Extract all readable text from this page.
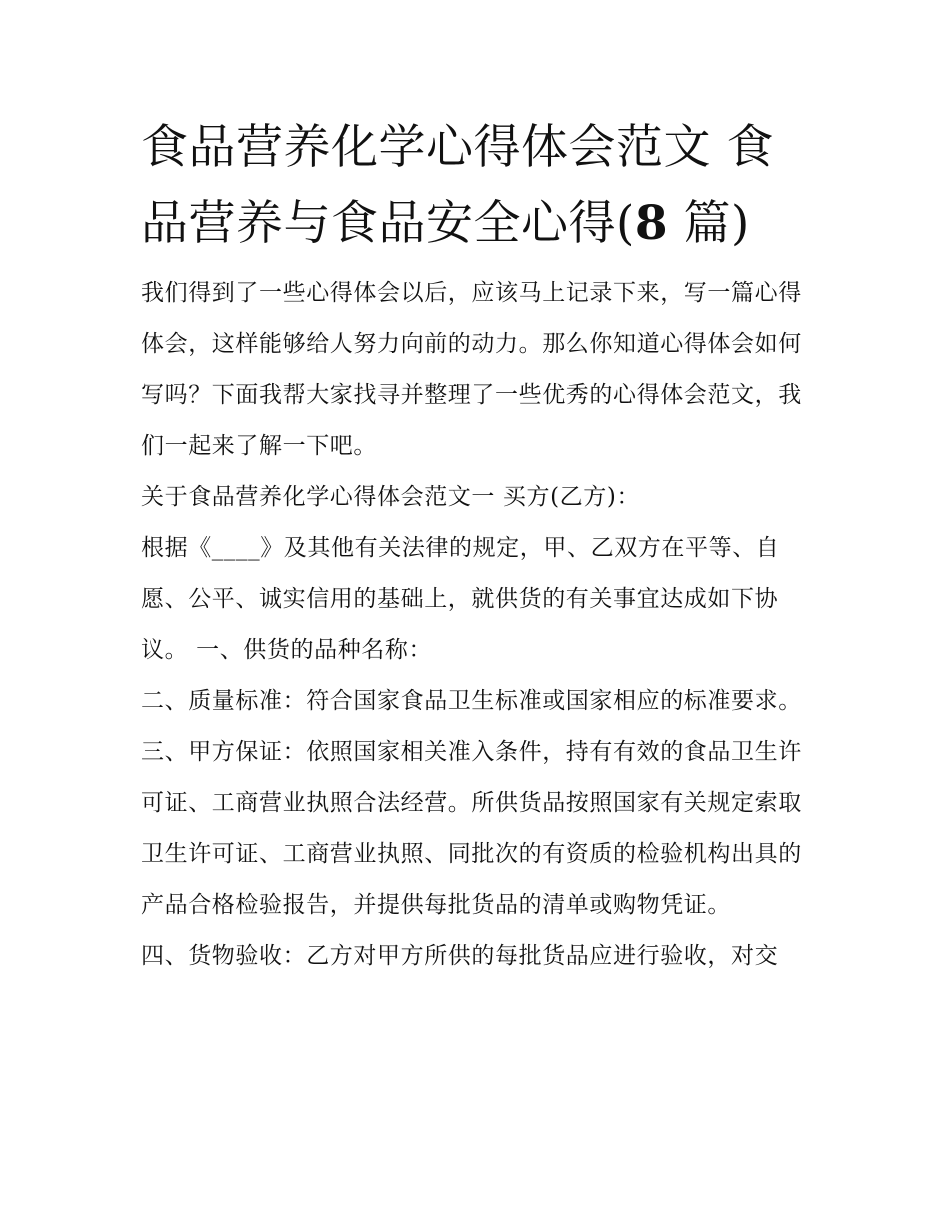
食品营养化学心得体会范文 食品营养与食品安全心得(8 篇)

我们得到了一些心得体会以后，应该马上记录下来，写一篇心得体会，这样能够给人努力向前的动力。那么你知道心得体会如何写吗？下面我帮大家找寻并整理了一些优秀的心得体会范文，我们一起来了解一下吧。

关于食品营养化学心得体会范文一 买方(乙方)：

根据《____》及其他有关法律的规定，甲、乙双方在平等、自愿、公平、诚实信用的基础上，就供货的有关事宜达成如下协议。 一、供货的品种名称：

二、质量标准：符合国家食品卫生标准或国家相应的标准要求。

三、甲方保证：依照国家相关准入条件，持有有效的食品卫生许可证、工商营业执照合法经营。所供货品按照国家有关规定索取卫生许可证、工商营业执照、同批次的有资质的检验机构出具的产品合格检验报告，并提供每批货品的清单或购物凭证。

四、货物验收：乙方对甲方所供的每批货品应进行验收，对交
